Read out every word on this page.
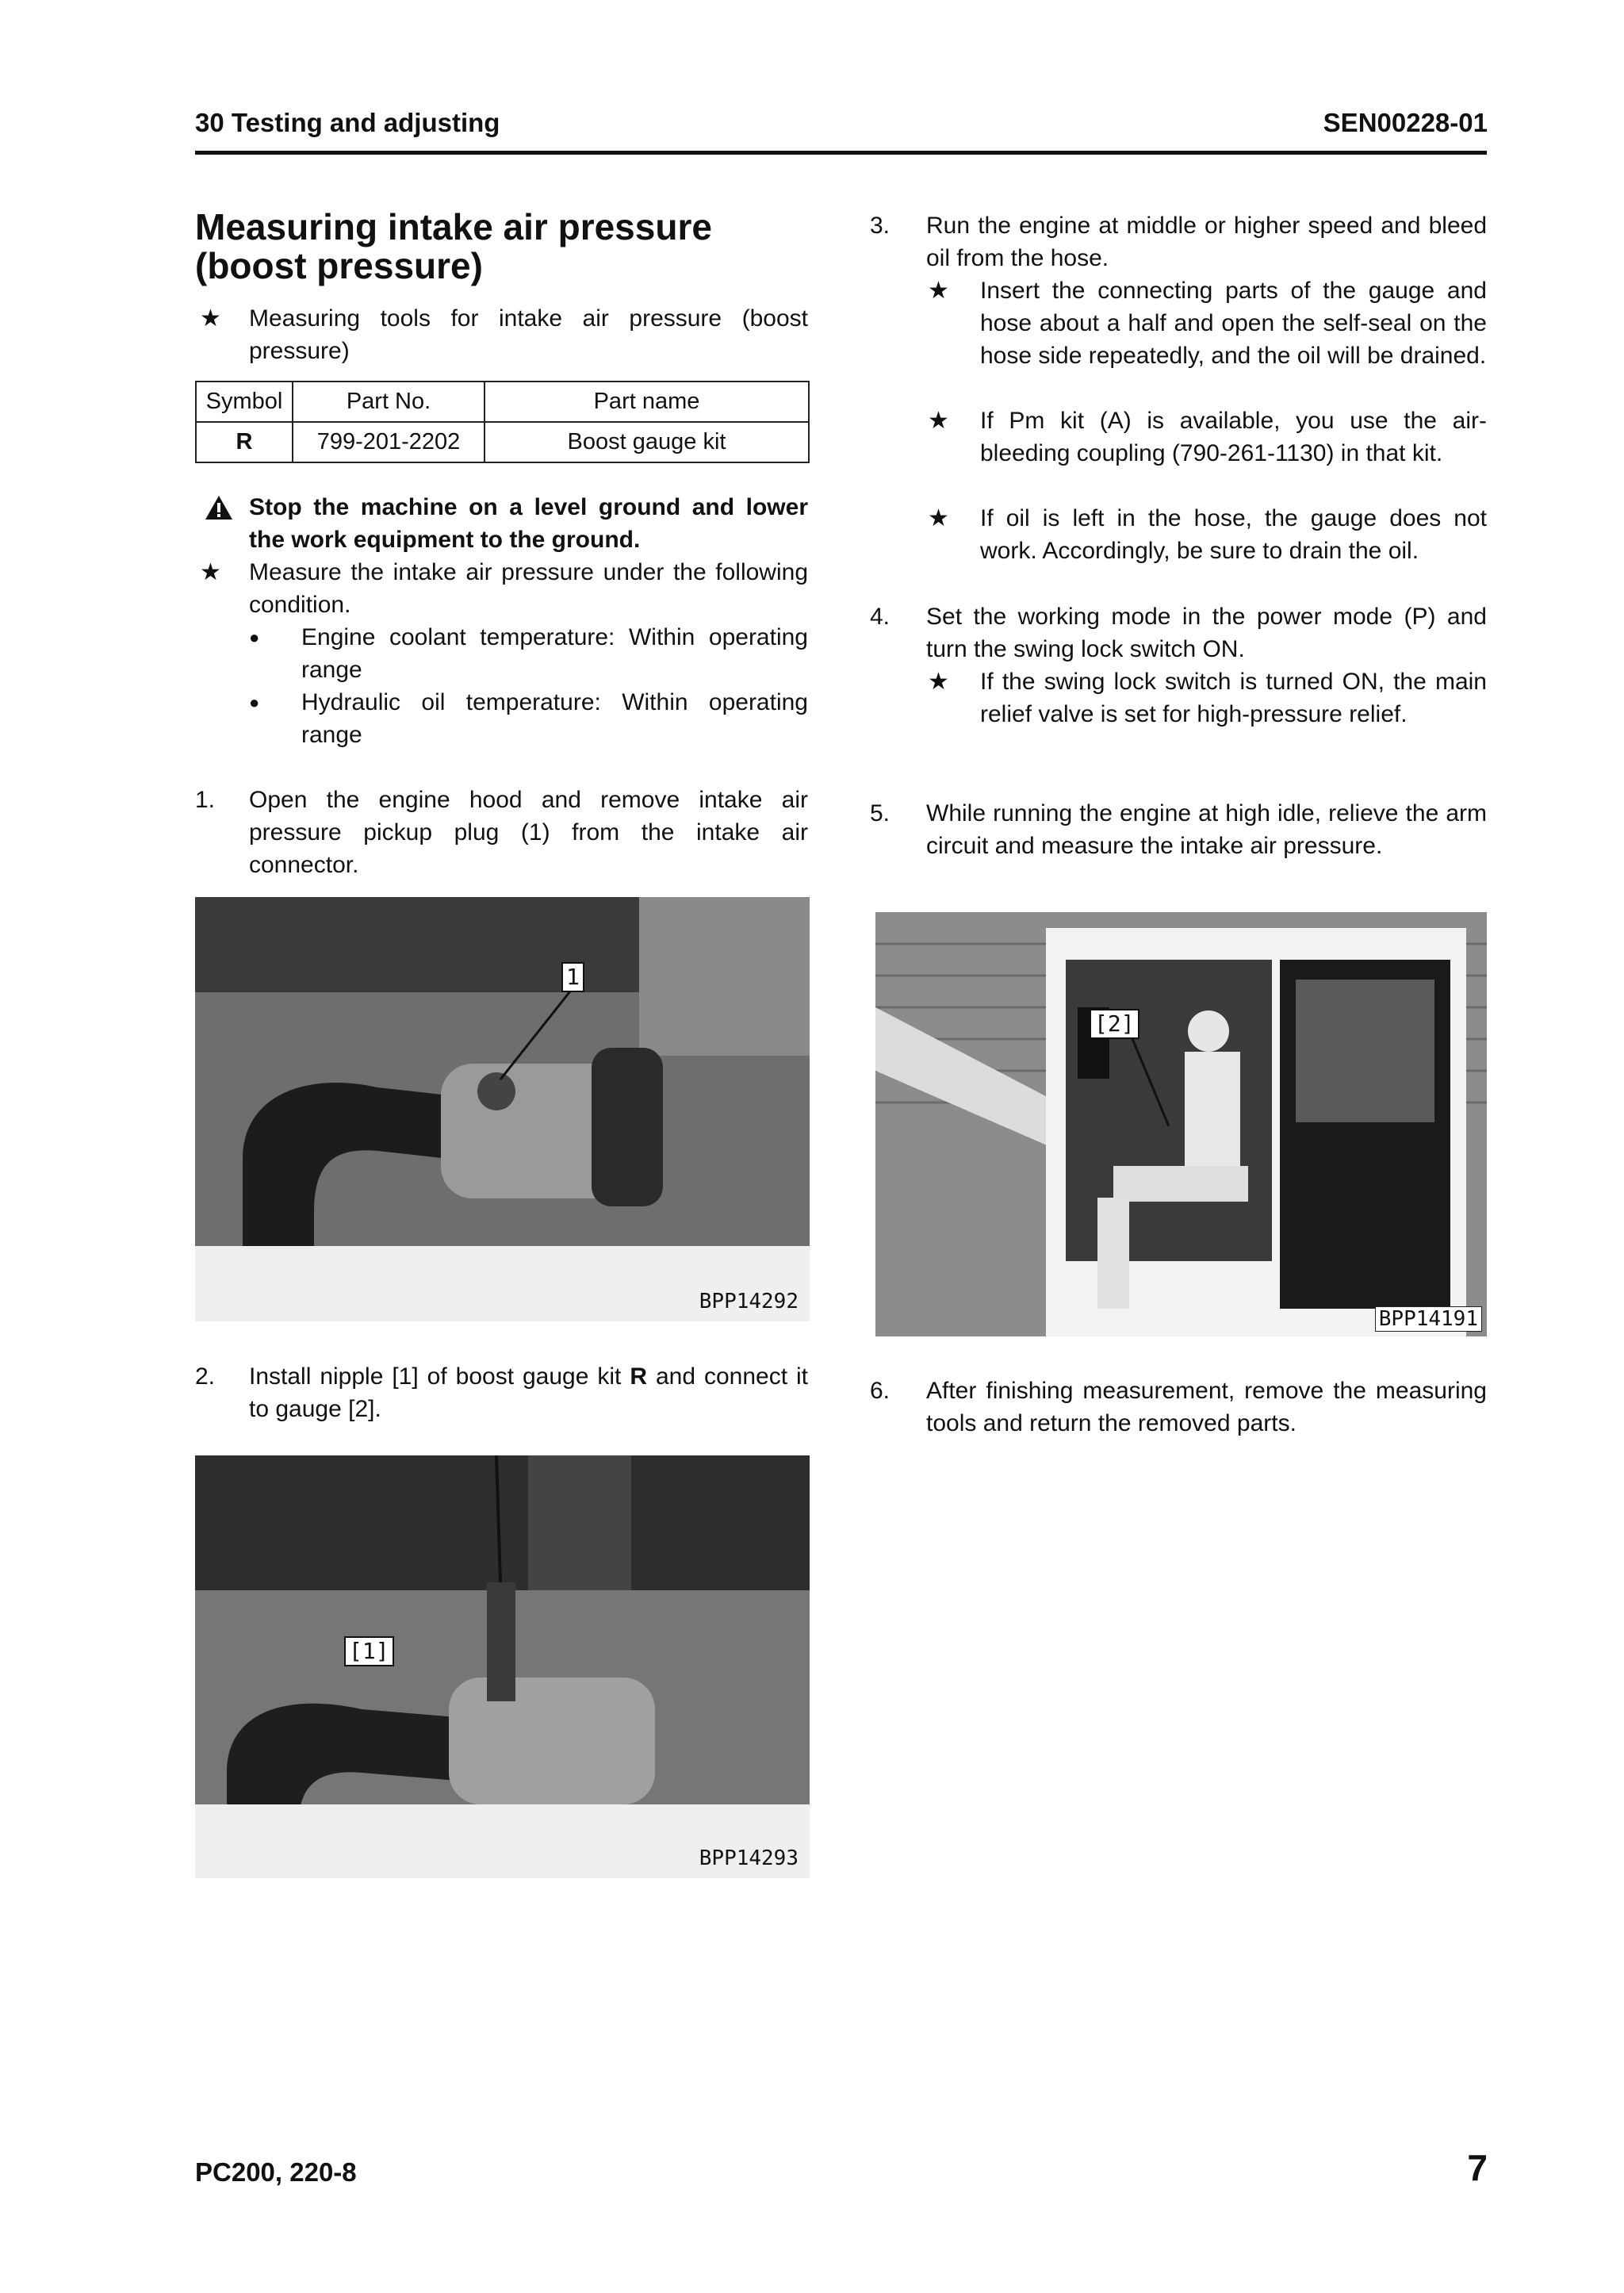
30 Testing and adjusting	SEN00228-01
Measuring intake air pressure (boost pressure)
★ Measuring tools for intake air pressure (boost pressure)
Symbol	Part No.	Part name
R	799-201-2202	Boost gauge kit
Stop the machine on a level ground and lower the work equipment to the ground.
★ Measure the intake air pressure under the following condition.
● Engine coolant temperature: Within operating range
● Hydraulic oil temperature: Within operating range
1. Open the engine hood and remove intake air pressure pickup plug (1) from the intake air connector.
1
BPP14292
2. Install nipple [1] of boost gauge kit R and connect it to gauge [2].
[1]
BPP14293
3. Run the engine at middle or higher speed and bleed oil from the hose.
★ Insert the connecting parts of the gauge and hose about a half and open the self-seal on the hose side repeatedly, and the oil will be drained.
★ If Pm kit (A) is available, you use the air-bleeding coupling (790-261-1130) in that kit.
★ If oil is left in the hose, the gauge does not work. Accordingly, be sure to drain the oil.
4. Set the working mode in the power mode (P) and turn the swing lock switch ON.
★ If the swing lock switch is turned ON, the main relief valve is set for high-pressure relief.
5. While running the engine at high idle, relieve the arm circuit and measure the intake air pressure.
[2]
BPP14191
6. After finishing measurement, remove the measuring tools and return the removed parts.
PC200, 220-8	7
